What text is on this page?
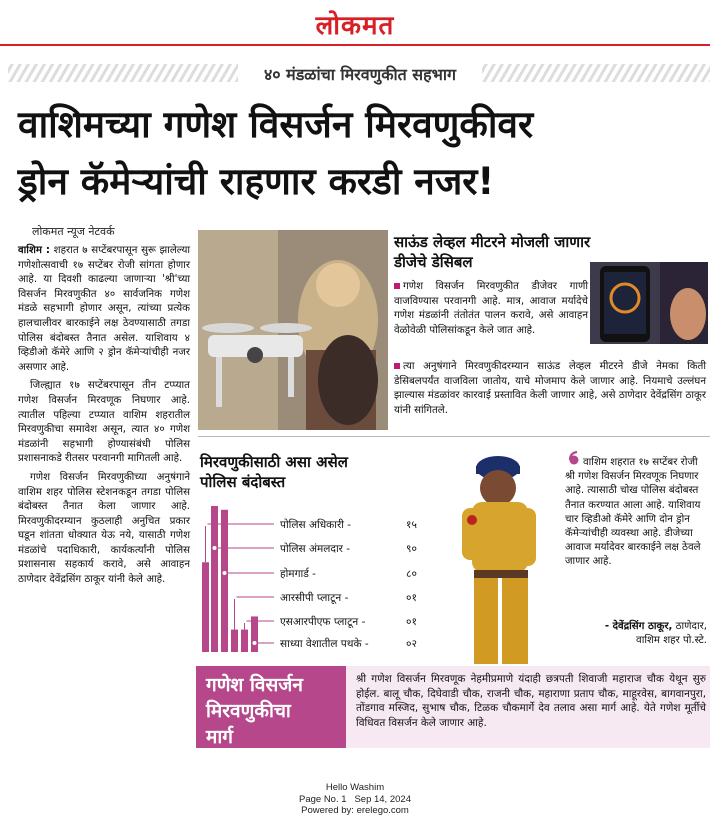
लोकमत
४० मंडळांचा मिरवणुकीत सहभाग
वाशिमच्या गणेश विसर्जन मिरवणुकीवर
ड्रोन कॅमेऱ्यांची राहणार करडी नजर!
लोकमत न्यूज नेटवर्क

वाशिम : शहरात ७ सप्टेंबरपासून सुरू झालेल्या गणेशोत्सवाची १७ सप्टेंबर रोजी सांगता होणार आहे. या दिवशी काढल्या जाणाऱ्या 'श्री'च्या विसर्जन मिरवणुकीत ४० सार्वजनिक गणेश मंडळे सहभागी होणार असून, त्यांच्या प्रत्येक हालचालीवर बारकाईने लक्ष ठेवण्यासाठी तगडा पोलिस बंदोबस्त तैनात असेल. याशिवाय ४ व्हिडीओ कॅमेरे आणि २ ड्रोन कॅमेऱ्यांचीही नजर असणार आहे.

जिल्ह्यात १७ सप्टेंबरपासून तीन टप्प्यात गणेश विसर्जन मिरवणूक निघणार आहे. त्यातील पहिल्या टप्प्यात वाशिम शहरातील मिरवणुकीचा समावेश असून, त्यात ४० गणेश मंडळांनी सहभागी होण्यासंबंधी पोलिस प्रशासनाकडे रीतसर परवानगी मागितली आहे.

गणेश विसर्जन मिरवणुकीच्या अनुषंगाने वाशिम शहर पोलिस स्टेशनकडून तगडा पोलिस बंदोबस्त तैनात केला जाणार आहे. मिरवणुकीदरम्यान कुठलाही अनुचित प्रकार घडून शांतता धोक्यात येऊ नये, यासाठी गणेश मंडळांचे पदाधिकारी, कार्यकर्त्यांनी पोलिस प्रशासनास सहकार्य करावे, असे आवाहन ठाणेदार देवेंद्रसिंग ठाकूर यांनी केले आहे.

साऊंड लेव्हल मीटरने मोजली जाणार डीजेचे डेसिबल
गणेश विसर्जन मिरवणुकीत डीजेवर गाणी वाजविण्यास परवानगी आहे. मात्र, आवाज मर्यादेचे गणेश मंडळांनी तंतोतंत पालन करावे, असे आवाहन वेळोवेळी पोलिसांकडून केले जात आहे.
त्या अनुषंगाने मिरवणुकीदरम्यान साऊंड लेव्हल मीटरने डीजे नेमका किती डेसिबलपर्यंत वाजविला जातोय, याचे मोजमाप केले जाणार आहे. नियमाचे उल्लंघन झाल्यास मंडळांवर कारवाई प्रस्तावित केली जाणार आहे, असे ठाणेदार देवेंद्रसिंग ठाकूर यांनी सांगितले.
मिरवणुकीसाठी असा असेल पोलिस बंदोबस्त
पोलिस अधिकारी -	१५
पोलिस अंमलदार -	९०
होमगार्ड -	८०
आरसीपी प्लाटून -	०१
एसआरपीएफ प्लाटून -	०१
साध्या वेशातील पथके -	०२
वाशिम शहरात १७ सप्टेंबर रोजी श्री गणेश विसर्जन मिरवणूक निघणार आहे. त्यासाठी चोख पोलिस बंदोबस्त तैनात करण्यात आला आहे. याशिवाय चार व्हिडीओ कॅमेरे आणि दोन ड्रोन कॅमेऱ्यांचीही व्यवस्था आहे. डीजेच्या आवाज मर्यादेवर बारकाईने लक्ष ठेवले जाणार आहे.
- देवेंद्रसिंग ठाकूर, ठाणेदार,
वाशिम शहर पो.स्टे.
गणेश विसर्जन
मिरवणुकीचा
मार्ग
श्री गणेश विसर्जन मिरवणूक नेहमीप्रमाणे यंदाही छत्रपती शिवाजी महाराज चौक येथून सुरु होईल. बालू चौक, दिघेवाडी चौक, राजनी चौक, महाराणा प्रताप चौक, माहूरवेस, बागवानपुरा, तोंडगाव मस्जिद, सुभाष चौक, टिळक चौकमार्गे देव तलाव असा मार्ग आहे. येते गणेश मूर्तीचे विधिवत विसर्जन केले जाणार आहे.
Hello Washim
Page No. 1   Sep 14, 2024
Powered by: erelego.com
